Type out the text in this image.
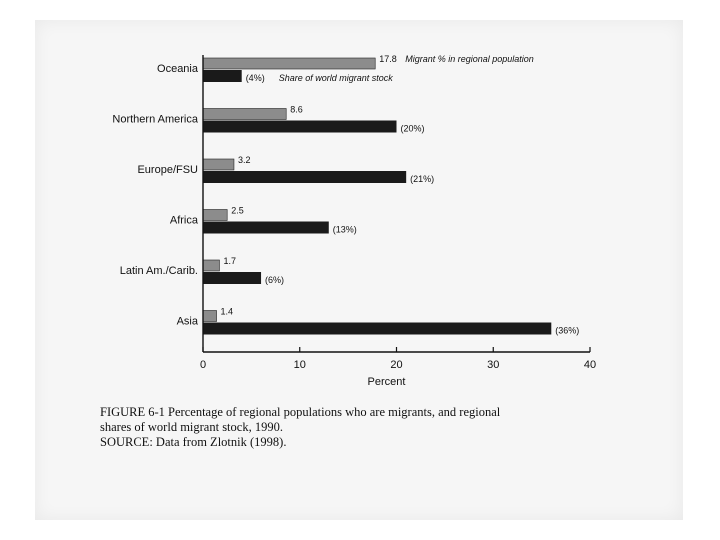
Oceania
Northern America
Europe/FSU
Africa
Latin Am./Carib.
Asia
17.8
(4%)
Migrant % in regional population
Share of world migrant stock
8.6
(20%)
3.2
(21%)
2.5
(13%)
1.7
(6%)
1.4
(36%)
0	10	20	30	40
Percent
FIGURE 6-1 Percentage of regional populations who are migrants, and regional
shares of world migrant stock, 1990.
SOURCE: Data from Zlotnik (1998).
